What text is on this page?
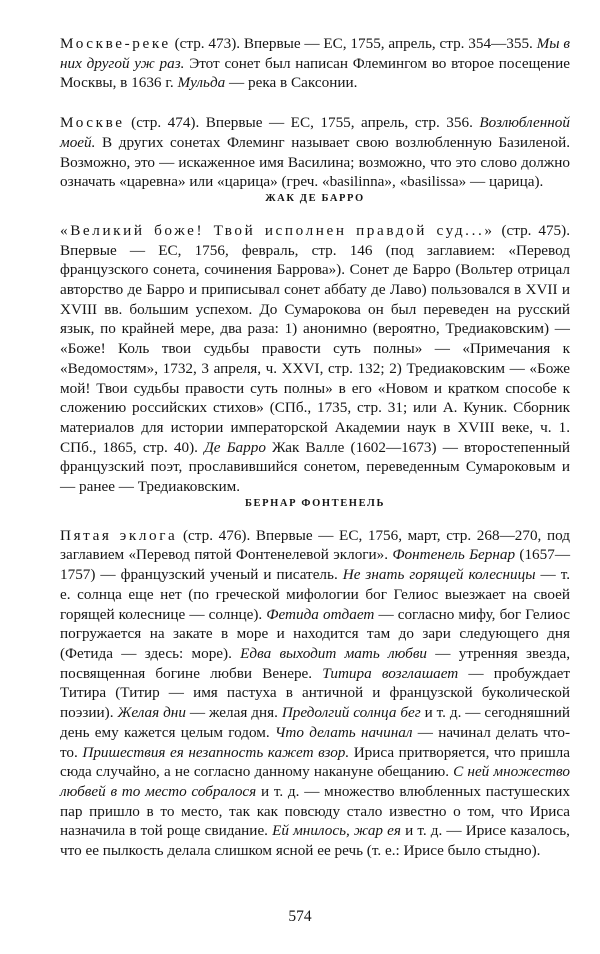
Москве-реке (стр. 473). Впервые — ЕС, 1755, апрель, стр. 354—355. Мы в них другой уж раз. Этот сонет был написан Флемингом во второе посещение Москвы, в 1636 г. Мульда — река в Саксонии.

Москве (стр. 474). Впервые — ЕС, 1755, апрель, стр. 356. Возлюбленной моей. В других сонетах Флеминг называет свою возлюбленную Базиленой. Возможно, это — искаженное имя Василина; возможно, что это слово должно означать «царевна» или «царица» (греч. «basilinna», «basilissa» — царица).

ЖАК ДЕ БАРРО

«Великий боже! Твой исполнен правдой суд...» (стр. 475). Впервые — ЕС, 1756, февраль, стр. 146 (под заглавием: «Перевод французского сонета, сочинения Баррова»). Сонет де Барро (Вольтер отрицал авторство де Барро и приписывал сонет аббату де Лаво) пользовался в XVII и XVIII вв. большим успехом. До Сумарокова он был переведен на русский язык, по крайней мере, два раза: 1) анонимно (вероятно, Тредиаковским) — «Боже! Коль твои судьбы правости суть полны» — «Примечания к «Ведомостям», 1732, 3 апреля, ч. XXVI, стр. 132; 2) Тредиаковским — «Боже мой! Твои судьбы правости суть полны» в его «Новом и кратком способе к сложению российских стихов» (СПб., 1735, стр. 31; или А. Куник. Сборник материалов для истории императорской Академии наук в XVIII веке, ч. 1. СПб., 1865, стр. 40). Де Барро Жак Валле (1602—1673) — второстепенный французский поэт, прославившийся сонетом, переведенным Сумароковым и — ранее — Тредиаковским.

БЕРНАР ФОНТЕНЕЛЬ

Пятая эклога (стр. 476). Впервые — ЕС, 1756, март, стр. 268—270, под заглавием «Перевод пятой Фонтенелевой эклоги». Фонтенель Бернар (1657—1757) — французский ученый и писатель. Не знать горящей колесницы — т. е. солнца еще нет (по греческой мифологии бог Гелиос выезжает на своей горящей колеснице — солнце). Фетида отдает — согласно мифу, бог Гелиос погружается на закате в море и находится там до зари следующего дня (Фетида — здесь: море). Едва выходит мать любви — утренняя звезда, посвященная богине любви Венере. Титира возглашает — пробуждает Титира (Титир — имя пастуха в античной и французской буколической поэзии). Желая дни — желая дня. Предолгий солнца бег и т. д. — сегодняшний день ему кажется целым годом. Что делать начинал — начинал делать что-то. Пришествия ея незапность кажет взор. Ириса притворяется, что пришла сюда случайно, а не согласно данному накануне обещанию. С ней множество любвей в то место собралося и т. д. — множество влюбленных пастушеских пар пришло в то место, так как повсюду стало известно о том, что Ириса назначила в той роще свидание. Ей мнилось, жар ея и т. д. — Ирисе казалось, что ее пылкость делала слишком ясной ее речь (т. е.: Ирисе было стыдно).

574
